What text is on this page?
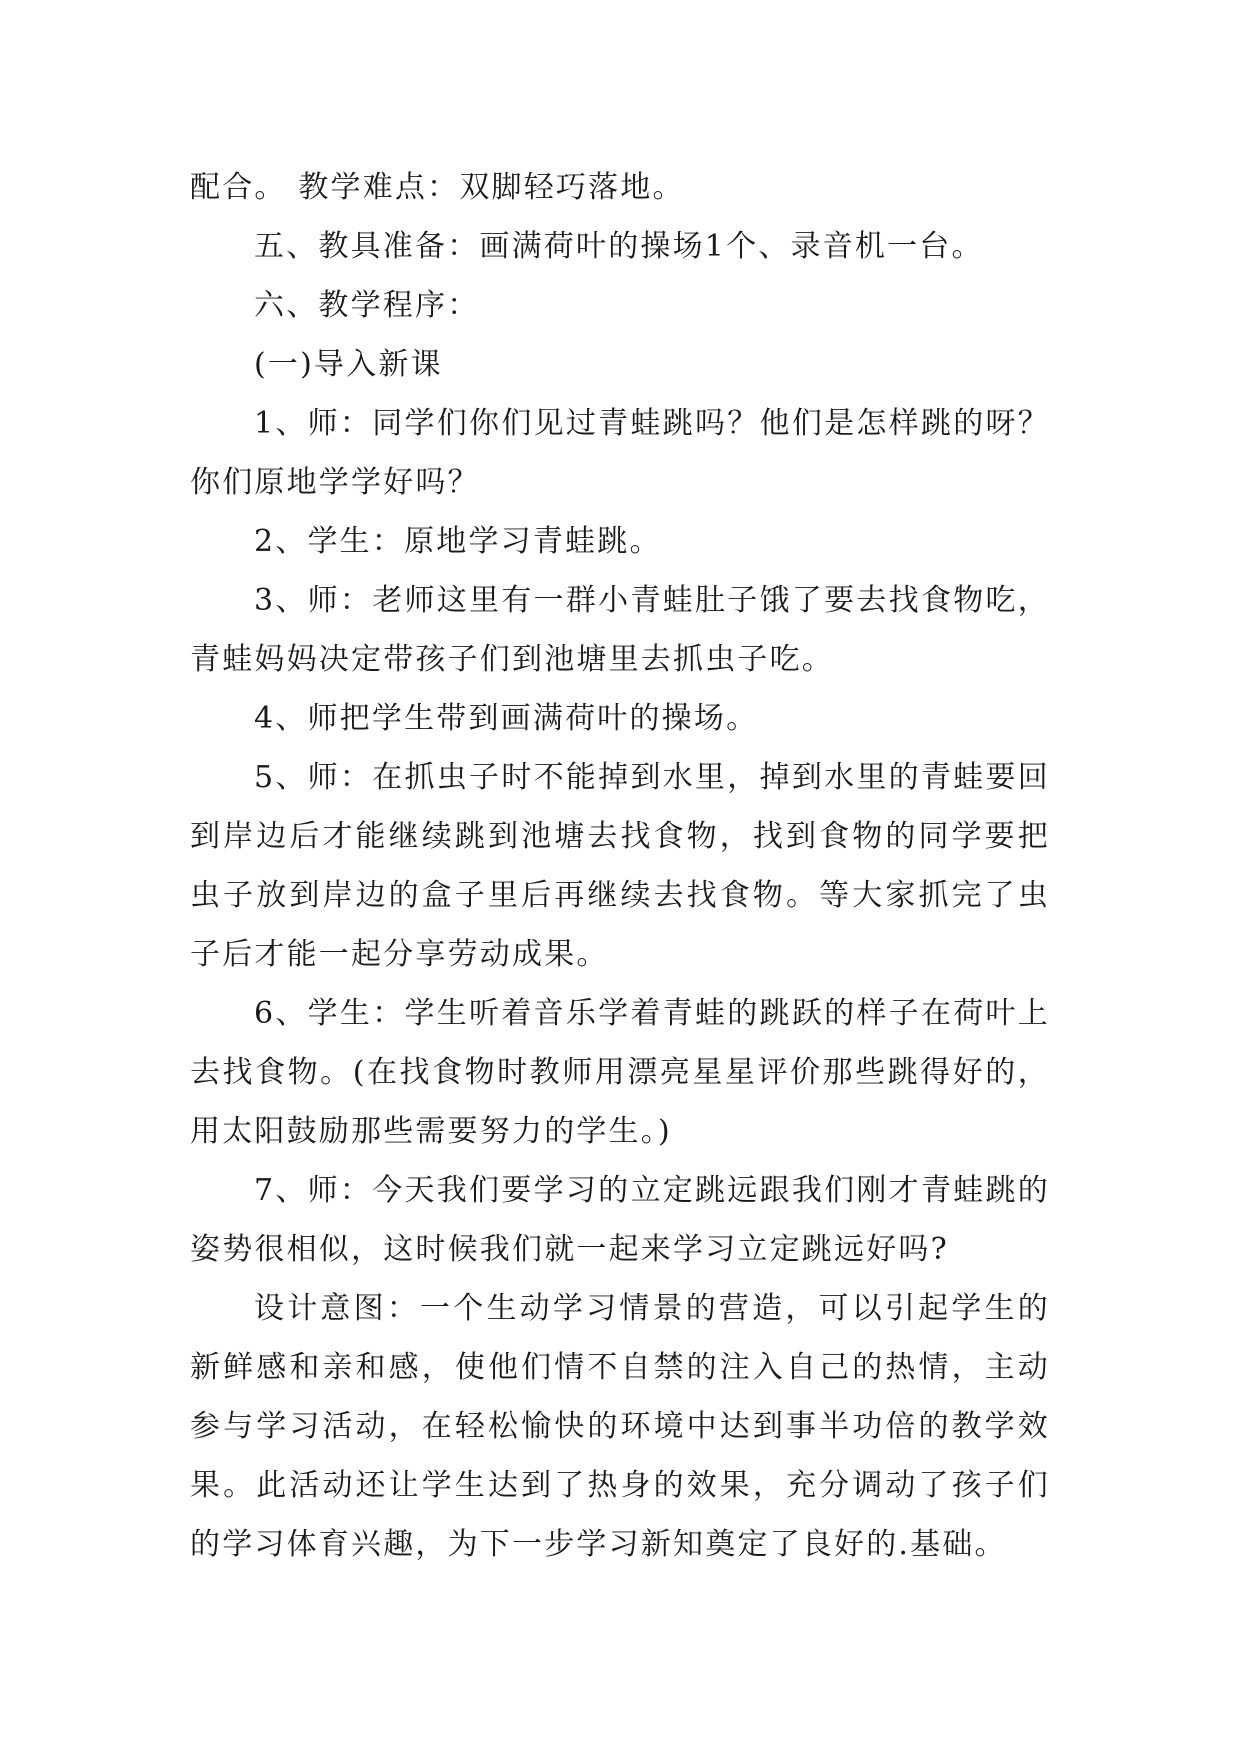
配合。 教学难点：双脚轻巧落地。

五、教具准备：画满荷叶的操场1个、录音机一台。

六、教学程序：

(一)导入新课

1、师：同学们你们见过青蛙跳吗？他们是怎样跳的呀？你们原地学学好吗？

2、学生：原地学习青蛙跳。

3、师：老师这里有一群小青蛙肚子饿了要去找食物吃，青蛙妈妈决定带孩子们到池塘里去抓虫子吃。

4、师把学生带到画满荷叶的操场。

5、师：在抓虫子时不能掉到水里，掉到水里的青蛙要回到岸边后才能继续跳到池塘去找食物，找到食物的同学要把虫子放到岸边的盒子里后再继续去找食物。等大家抓完了虫子后才能一起分享劳动成果。

6、学生：学生听着音乐学着青蛙的跳跃的样子在荷叶上去找食物。(在找食物时教师用漂亮星星评价那些跳得好的，用太阳鼓励那些需要努力的学生。)

7、师：今天我们要学习的立定跳远跟我们刚才青蛙跳的姿势很相似，这时候我们就一起来学习立定跳远好吗?

设计意图：一个生动学习情景的营造，可以引起学生的新鲜感和亲和感，使他们情不自禁的注入自己的热情，主动参与学习活动，在轻松愉快的环境中达到事半功倍的教学效果。此活动还让学生达到了热身的效果，充分调动了孩子们的学习体育兴趣，为下一步学习新知奠定了良好的.基础。
